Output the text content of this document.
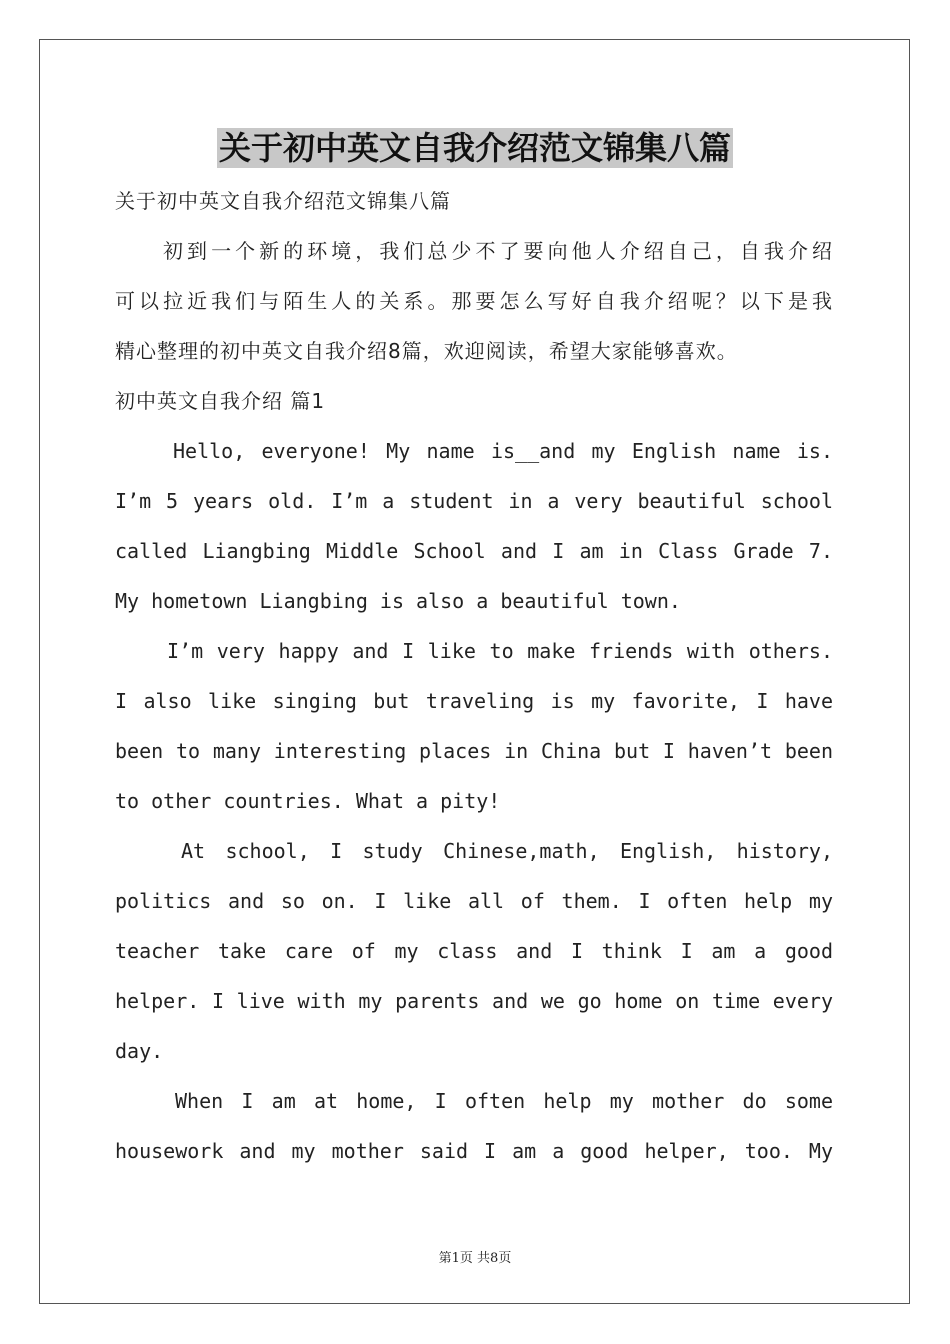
关于初中英文自我介绍范文锦集八篇
关于初中英文自我介绍范文锦集八篇
初到一个新的环境，我们总少不了要向他人介绍自己，自我介绍
可以拉近我们与陌生人的关系。那要怎么写好自我介绍呢？以下是我
精心整理的初中英文自我介绍8篇，欢迎阅读，希望大家能够喜欢。
初中英文自我介绍 篇1
Hello, everyone! My name is__and my English name is.
I’m 5 years old. I’m a student in a very beautiful school
called Liangbing Middle School and I am in Class Grade 7.
My hometown Liangbing is also a beautiful town.
I’m very happy and I like to make friends with others.
I also like singing but traveling is my favorite, I have
been to many interesting places in China but I haven’t been
to other countries. What a pity!
At school, I study Chinese,math, English, history,
politics and so on. I like all of them. I often help my
teacher take care of my class and I think I am a good
helper. I live with my parents and we go home on time every
day.
When I am at home, I often help my mother do some
housework and my mother said I am a good helper, too. My
第1页 共8页
